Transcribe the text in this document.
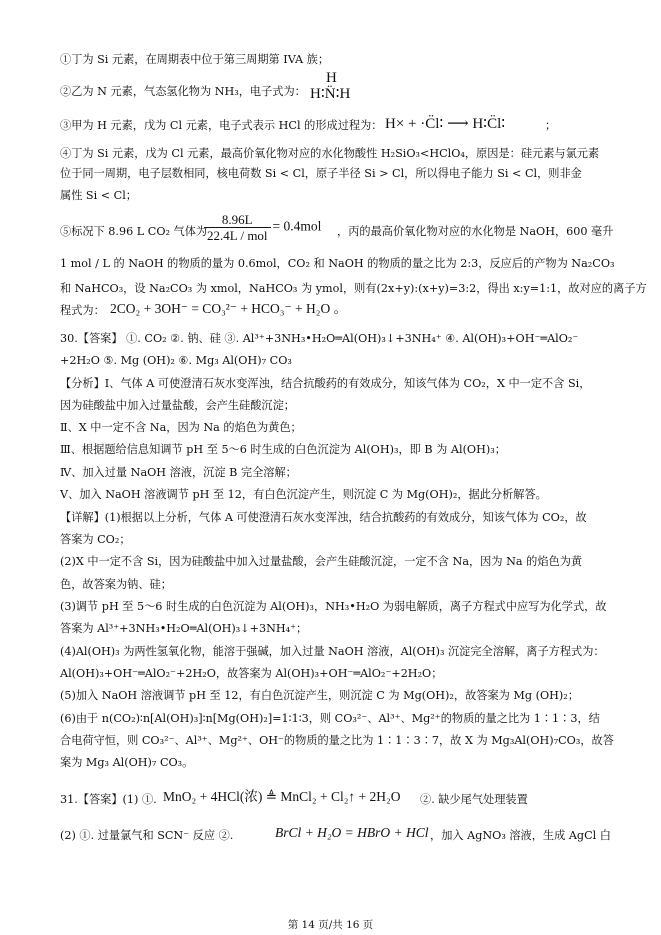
①丁为 Si 元素，在周期表中位于第三周期第 IVA 族；
②乙为 N 元素，气态氢化物为 NH₃，电子式为：
H
H∶N̈∶H
③甲为 H 元素，戊为 Cl 元素，电子式表示 HCl 的形成过程为： H× + ·C̈l∶ ⟶ H∶C̈l∶	；
④丁为 Si 元素，戊为 Cl 元素，最高价氧化物对应的水化物酸性 H₂SiO₃<HClO₄，原因是：硅元素与氯元素
位于同一周期，电子层数相同，核电荷数 Si < Cl，原子半径 Si > Cl，所以得电子能力 Si < Cl，则非金
属性 Si < Cl；
⑤标况下 8.96 L CO₂ 气体为
$\frac{8.96L}{\text{22.4L / mol}} = 0.4mol$ ，丙的最高价氧化物对应的水化物是 NaOH，600 毫升
1 mol / L 的 NaOH 的物质的量为 0.6mol，CO₂ 和 NaOH 的物质的量之比为 2:3，反应后的产物为 Na₂CO₃
和 NaHCO₃，设 Na₂CO₃ 为 xmol，NaHCO₃ 为 ymol，则有(2x+y):(x+y)=3:2，得出 x:y=1:1，故对应的离子方
程式为： 2CO₂ + 3OH⁻ = CO₃²⁻ + HCO₃⁻ + H₂O 。
30.【答案】 ①. CO₂ ②. 钠、硅 ③. Al³⁺+3NH₃•H₂O═Al(OH)₃↓+3NH₄⁺ ④. Al(OH)₃+OH⁻═AlO₂⁻
+2H₂O ⑤. Mg (OH)₂ ⑥. Mg₃ Al(OH)₇ CO₃
【分析】Ⅰ、气体 A 可使澄清石灰水变浑浊，结合抗酸药的有效成分，知该气体为 CO₂，X 中一定不含 Si，
因为硅酸盐中加入过量盐酸，会产生硅酸沉淀；
Ⅱ、X 中一定不含 Na，因为 Na 的焰色为黄色；
Ⅲ、根据题给信息知调节 pH 至 5～6 时生成的白色沉淀为 Al(OH)₃，即 B 为 Al(OH)₃；
Ⅳ、加入过量 NaOH 溶液，沉淀 B 完全溶解；
Ⅴ、加入 NaOH 溶液调节 pH 至 12，有白色沉淀产生，则沉淀 C 为 Mg(OH)₂，据此分析解答。
【详解】(1)根据以上分析，气体 A 可使澄清石灰水变浑浊，结合抗酸药的有效成分，知该气体为 CO₂，故
答案为 CO₂；
(2)X 中一定不含 Si，因为硅酸盐中加入过量盐酸，会产生硅酸沉淀，一定不含 Na，因为 Na 的焰色为黄
色，故答案为钠、硅；
(3)调节 pH 至 5～6 时生成的白色沉淀为 Al(OH)₃，NH₃•H₂O 为弱电解质，离子方程式中应写为化学式，故
答案为 Al³⁺+3NH₃•H₂O═Al(OH)₃↓+3NH₄⁺；
(4)Al(OH)₃ 为两性氢氧化物，能溶于强碱，加入过量 NaOH 溶液，Al(OH)₃ 沉淀完全溶解，离子方程式为：
Al(OH)₃+OH⁻═AlO₂⁻+2H₂O，故答案为 Al(OH)₃+OH⁻═AlO₂⁻+2H₂O；
(5)加入 NaOH 溶液调节 pH 至 12，有白色沉淀产生，则沉淀 C 为 Mg(OH)₂，故答案为 Mg (OH)₂；
(6)由于 n(CO₂)∶n[Al(OH)₃]∶n[Mg(OH)₂]=1∶1∶3，则 CO₃²⁻、Al³⁺、Mg²⁺的物质的量之比为 1∶1∶3，结
合电荷守恒，则 CO₃²⁻、Al³⁺、Mg²⁺、OH⁻的物质的量之比为 1∶1∶3∶7，故 X 为 Mg₃Al(OH)₇CO₃，故答
案为 Mg₃ Al(OH)₇ CO₃。
31.【答案】(1) ①. MnO₂ + 4HCl(浓) ≜ MnCl₂ + Cl₂↑ + 2H₂O ②. 缺少尾气处理装置
(2) ①. 过量氯气和 SCN⁻ 反应 ②.	BrCl + H₂O = HBrO + HCl ，加入 AgNO₃ 溶液，生成 AgCl 白
第 14 页/共 16 页
